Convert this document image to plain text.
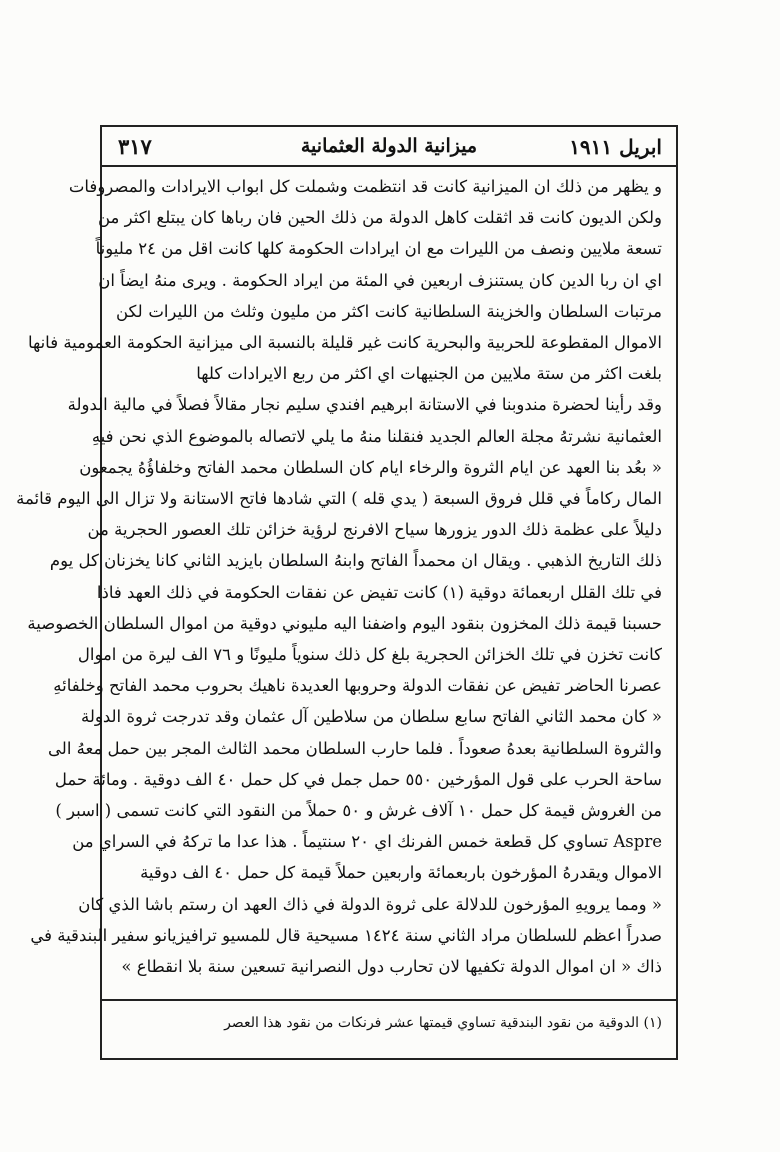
ابريل ١٩١١
ميزانية الدولة العثمانية
٣١٧
و يظهر من ذلك ان الميزانية كانت قد انتظمت وشملت كل ابواب الايرادات والمصروفات
ولكن الديون كانت قد اثقلت كاهل الدولة من ذلك الحين فان رباها كان يبتلع اكثر من
تسعة ملايين ونصف من الليرات مع ان ايرادات الحكومة كلها كانت اقل من ٢٤ مليوناً
اي ان ربا الدين كان يستنزف اربعين في المئة من ايراد الحكومة . ويرى منهُ ايضاً ان
مرتبات السلطان والخزينة السلطانية كانت اكثر من مليون وثلث من الليرات لكن
الاموال المقطوعة للحربية والبحرية كانت غير قليلة بالنسبة الى ميزانية الحكومة العمومية فانها
بلغت اكثر من ستة ملايين من الجنيهات اي اكثر من ربع الايرادات كلها
وقد رأينا لحضرة مندوبنا في الاستانة ابرهيم افندي سليم نجار مقالاً فصلاً في مالية الدولة
العثمانية نشرتهُ مجلة العالم الجديد فنقلنا منهُ ما يلي لاتصاله بالموضوع الذي نحن فيهِ
« بعُد بنا العهد عن ايام الثروة والرخاء ايام كان السلطان محمد الفاتح وخلفاؤُهُ يجمعون
المال ركاماً في قلل فروق السبعة ( يدي قله ) التي شادها فاتح الاستانة ولا تزال الى اليوم قائمة
دليلاً على عظمة ذلك الدور يزورها سياح الافرنج لرؤية خزائن تلك العصور الحجرية من
ذلك التاريخ الذهبي . ويقال ان محمداً الفاتح وابنهُ السلطان بايزيد الثاني كانا يخزنان كل يوم
في تلك القلل اربعمائة دوقية (١) كانت تفيض عن نفقات الحكومة في ذلك العهد فاذا
حسبنا قيمة ذلك المخزون بنقود اليوم واضفنا اليه مليوني دوقية من اموال السلطان الخصوصية
كانت تخزن في تلك الخزائن الحجرية بلغ كل ذلك سنوياً مليونًا و ٧٦ الف ليرة من اموال
عصرنا الحاضر تفيض عن نفقات الدولة وحروبها العديدة ناهيك بحروب محمد الفاتح وخلفائهِ
« كان محمد الثاني الفاتح سابع سلطان من سلاطين آل عثمان وقد تدرجت ثروة الدولة
والثروة السلطانية بعدهُ صعوداً . فلما حارب السلطان محمد الثالث المجر بين حمل معهُ الى
ساحة الحرب على قول المؤرخين ٥٥٠ حمل جمل في كل حمل ٤٠ الف دوقية . ومائة حمل
من الغروش قيمة كل حمل ١٠ آلاف غرش و ٥٠ حملاً من النقود التي كانت تسمى ( اسبر )
Aspre تساوي كل قطعة خمس الفرنك اي ٢٠ سنتيماً . هذا عدا ما تركهُ في السراي من
الاموال ويقدرهُ المؤرخون باربعمائة واربعين حملاً قيمة كل حمل ٤٠ الف دوقية
« ومما يرويهِ المؤرخون للدلالة على ثروة الدولة في ذاك العهد ان رستم باشا الذي كان
صدراً اعظم للسلطان مراد الثاني سنة ١٤٢٤ مسيحية قال للمسيو ترافيزيانو سفير البندقية في
ذاك « ان اموال الدولة تكفيها لان تحارب دول النصرانية تسعين سنة بلا انقطاع »
(١) الدوقية من نقود البندقية تساوي قيمتها عشر فرنكات من نقود هذا العصر
